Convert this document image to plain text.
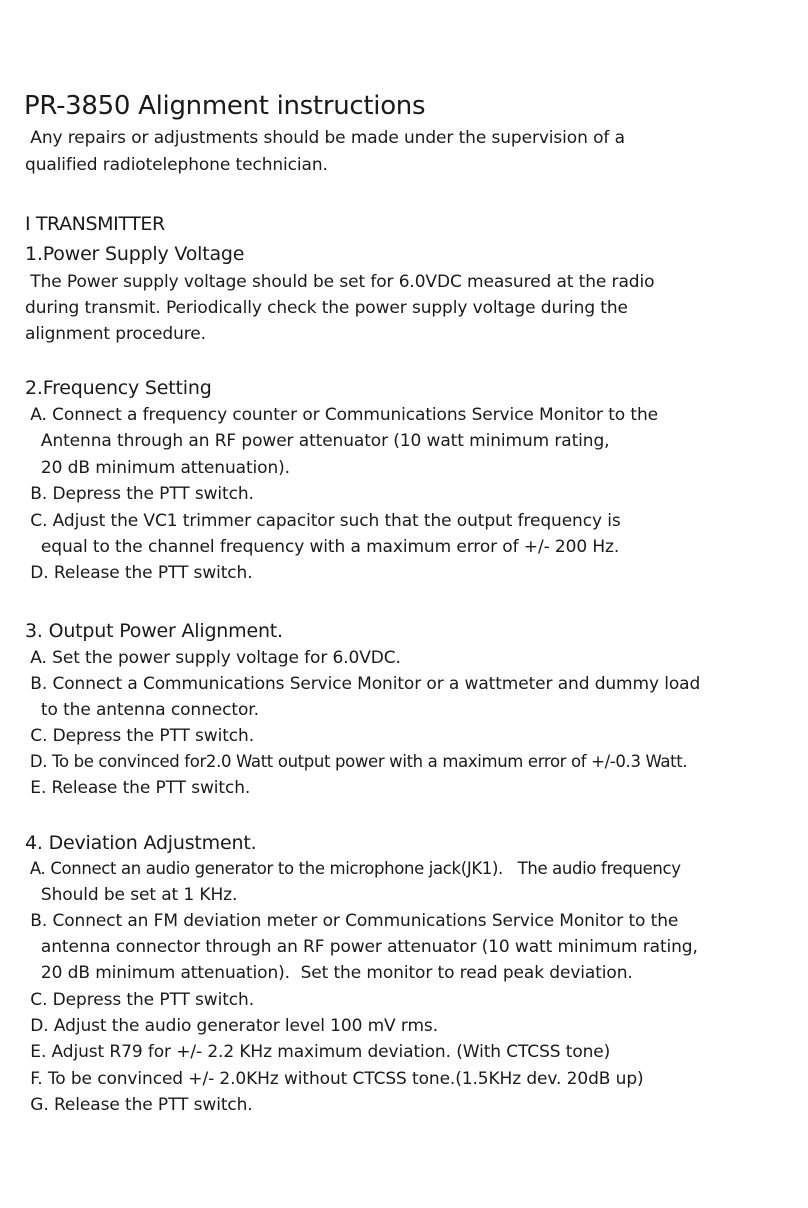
PR-3850 Alignment instructions
Any repairs or adjustments should be made under the supervision of a
qualified radiotelephone technician.
I TRANSMITTER
1.Power Supply Voltage
The Power supply voltage should be set for 6.0VDC measured at the radio
during transmit. Periodically check the power supply voltage during the
alignment procedure.
2.Frequency Setting
A. Connect a frequency counter or Communications Service Monitor to the
Antenna through an RF power attenuator (10 watt minimum rating,
20 dB minimum attenuation).
B. Depress the PTT switch.
C. Adjust the VC1 trimmer capacitor such that the output frequency is
equal to the channel frequency with a maximum error of +/- 200 Hz.
D. Release the PTT switch.
3. Output Power Alignment.
A. Set the power supply voltage for 6.0VDC.
B. Connect a Communications Service Monitor or a wattmeter and dummy load
to the antenna connector.
C. Depress the PTT switch.
D. To be convinced for2.0 Watt output power with a maximum error of +/-0.3 Watt.
E. Release the PTT switch.
4. Deviation Adjustment.
A. Connect an audio generator to the microphone jack(JK1).   The audio frequency
Should be set at 1 KHz.
B. Connect an FM deviation meter or Communications Service Monitor to the
antenna connector through an RF power attenuator (10 watt minimum rating,
20 dB minimum attenuation).  Set the monitor to read peak deviation.
C. Depress the PTT switch.
D. Adjust the audio generator level 100 mV rms.
E. Adjust R79 for +/- 2.2 KHz maximum deviation. (With CTCSS tone)
F. To be convinced +/- 2.0KHz without CTCSS tone.(1.5KHz dev. 20dB up)
G. Release the PTT switch.
